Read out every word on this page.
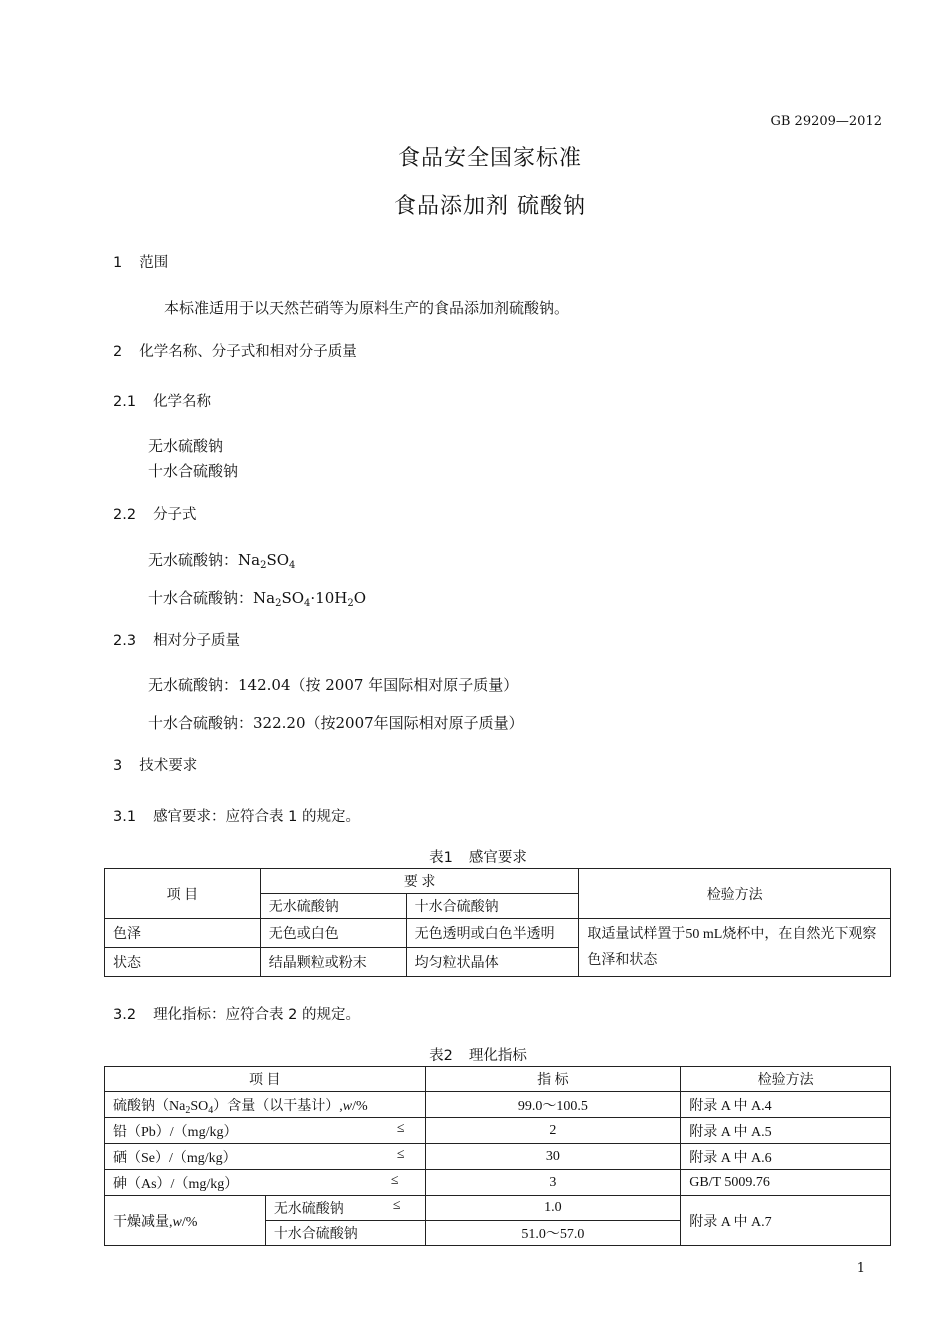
GB 29209—2012
食品安全国家标准
食品添加剂 硫酸钠
1 范围
本标准适用于以天然芒硝等为原料生产的食品添加剂硫酸钠。
2 化学名称、分子式和相对分子质量
2.1 化学名称
无水硫酸钠
十水合硫酸钠
2.2 分子式
无水硫酸钠：$Na_2SO_4$
十水合硫酸钠：$Na_2SO_4\cdot 10H_2O$
2.3 相对分子质量
无水硫酸钠：142.04（按 2007 年国际相对原子质量）
十水合硫酸钠：322.20（按2007年国际相对原子质量）
3 技术要求
3.1 感官要求：应符合表 1 的规定。
表1 感官要求
项 目	要 求		检验方法
	无水硫酸钠	十水合硫酸钠	
色泽	无色或白色	无色透明或白色半透明	取适量试样置于50 mL烧杯中，在自然光下观察
色泽和状态

状态	结晶颗粒或粉末	均匀粒状晶体	
3.2 理化指标：应符合表 2 的规定。
表2 理化指标
项 目		指 标	检验方法
硫酸钠$(Na_2SO_4)$含量（以干基计）,w/%		99.0～100.5	附录 A 中 A.4
铅（Pb）/（mg/kg） ≤		2	附录 A 中 A.5
硒（Se）/（mg/kg） ≤		30	附录 A 中 A.6
砷（As）/（mg/kg） ≤		3	GB/T 5009.76
干燥减量,w/%	无水硫酸钠 ≤	1.0	附录 A 中 A.7
	十水合硫酸钠	51.0～57.0	
1
